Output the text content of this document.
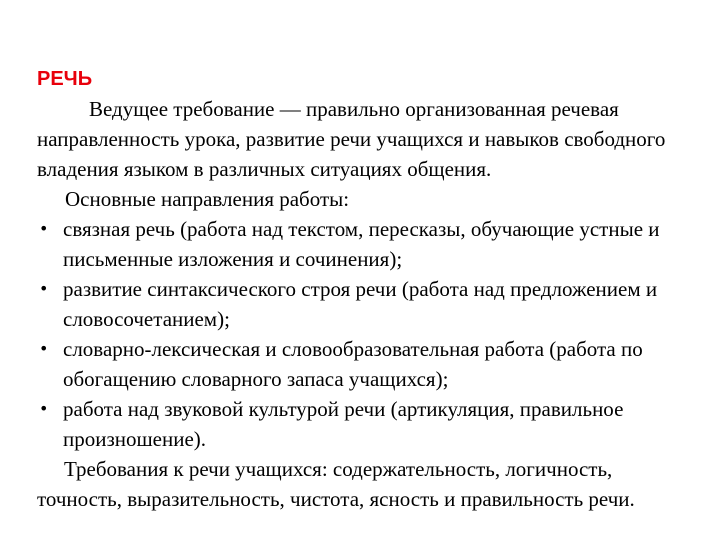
РЕЧЬ

Ведущее требование — правильно организованная речевая направленность урока, развитие речи учащихся и навыков свободного владения языком в различных ситуациях общения.

Основные направления работы:

• связная речь (работа над текстом, пересказы, обучающие устные и письменные изложения и сочинения);
• развитие синтаксического строя речи (работа над предложением и словосочетанием);
• словарно-лексическая и словообразовательная работа (работа по обогащению словарного запаса учащихся);
• работа над звуковой культурой речи (артикуляция, правильное произношение).

Требования к речи учащихся: содержательность, логичность, точность, выразительность, чистота, ясность и правильность речи.
